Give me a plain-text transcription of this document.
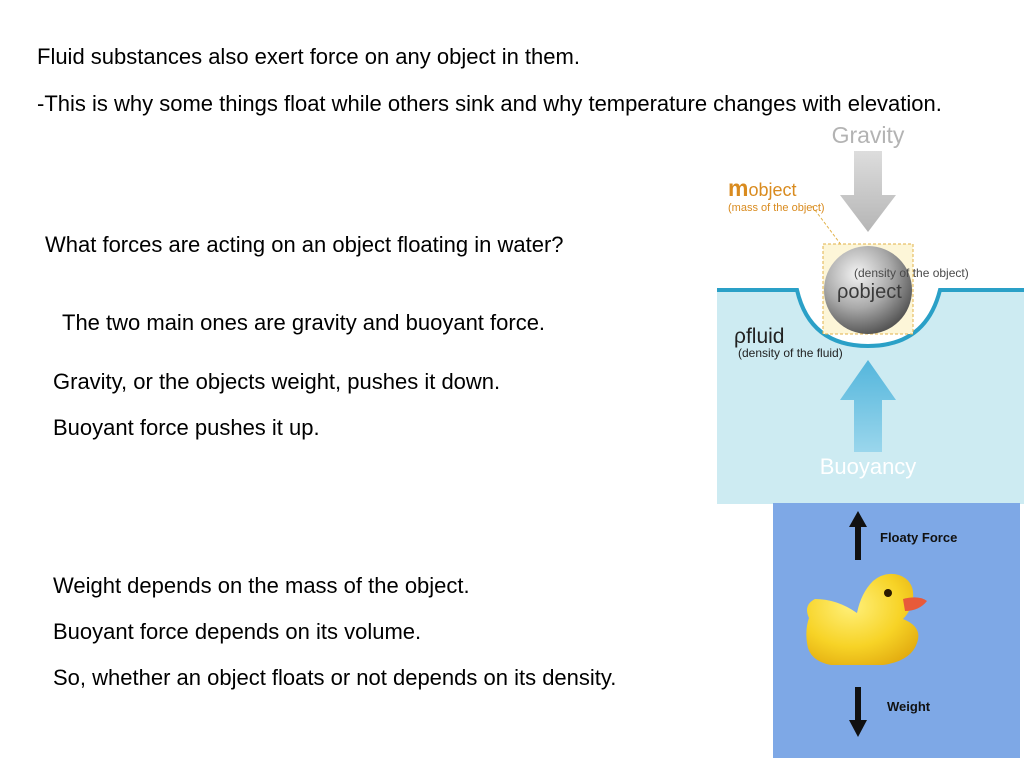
Fluid substances also exert force on any object in them.

-This is why some things float while others sink and why temperature changes with elevation.

What forces are acting on an object floating in water?

The two main ones are gravity and buoyant force.

Gravity, or the objects weight, pushes it down.

Buoyant force pushes it up.

Weight depends on the mass of the object.

Buoyant force depends on its volume.

So, whether an object floats or not depends on its density.

Gravity
mobject
(mass of the object)
(density of the object)
ρobject
ρfluid
(density of the fluid)
Buoyancy
Floaty Force
Weight
